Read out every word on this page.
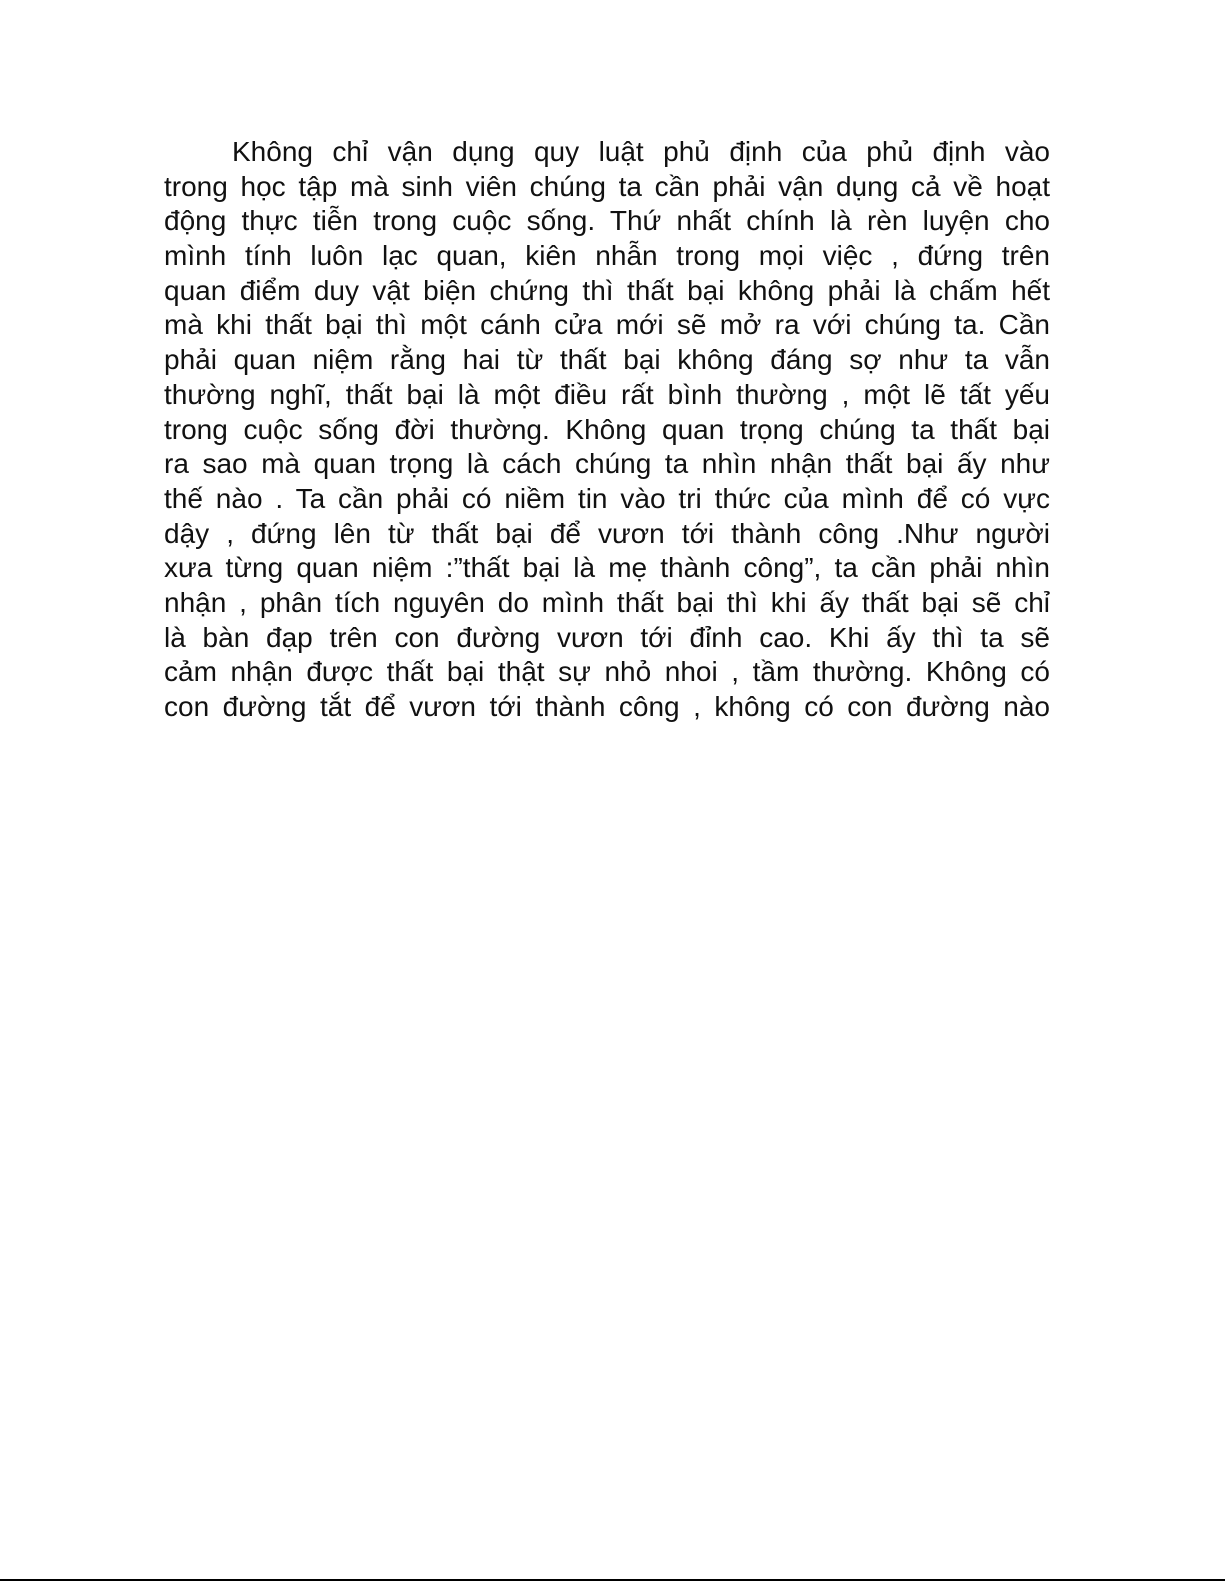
Không chỉ vận dụng quy luật phủ định của phủ định vào
trong học tập mà sinh viên chúng ta cần phải vận dụng cả về hoạt
động thực tiễn trong cuộc sống. Thứ nhất chính là rèn luyện cho
mình tính luôn lạc quan, kiên nhẫn trong mọi việc , đứng trên
quan điểm duy vật biện chứng thì thất bại không phải là chấm hết
mà khi thất bại thì một cánh cửa mới sẽ mở ra với chúng ta. Cần
phải quan niệm rằng hai từ thất bại không đáng sợ như ta vẫn
thường nghĩ, thất bại là một điều rất bình thường , một lẽ tất yếu
trong cuộc sống đời thường. Không quan trọng chúng ta thất bại
ra sao mà quan trọng là cách chúng ta nhìn nhận thất bại ấy như
thế nào . Ta cần phải có niềm tin vào tri thức của mình để có vực
dậy , đứng lên từ thất bại để vươn tới thành công .Như người
xưa từng quan niệm :”thất bại là mẹ thành công”, ta cần phải nhìn
nhận , phân tích nguyên do mình thất bại thì khi ấy thất bại sẽ chỉ
là bàn đạp trên con đường vươn tới đỉnh cao. Khi ấy thì ta sẽ
cảm nhận được thất bại thật sự nhỏ nhoi , tầm thường. Không có
con đường tắt để vươn tới thành công , không có con đường nào
